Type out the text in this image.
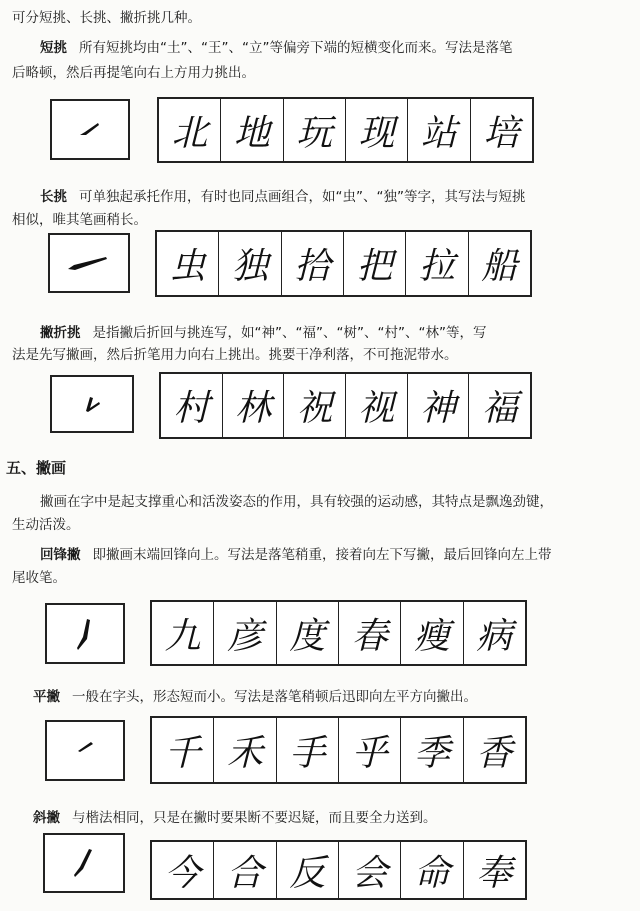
可分短挑、长挑、撇折挑几种。
短挑 所有短挑均由“土”、“王”、“立”等偏旁下端的短横变化而来。写法是落笔
后略顿，然后再提笔向右上方用力挑出。
北 地 玩 现 站 培
长挑 可单独起承托作用，有时也同点画组合，如“虫”、“独”等字，其写法与短挑
相似，唯其笔画稍长。
虫 独 拾 把 拉 船
撇折挑 是指撇后折回与挑连写，如“神”、“福”、“树”、“村”、“林”等，写
法是先写撇画，然后折笔用力向右上挑出。挑要干净利落，不可拖泥带水。
村 林 祝 视 神 福
五、撇画
撇画在字中是起支撑重心和活泼姿态的作用，具有较强的运动感，其特点是飘逸劲键，
生动活泼。
回锋撇 即撇画末端回锋向上。写法是落笔稍重，接着向左下写撇，最后回锋向左上带
尾收笔。
九 彦 度 春 瘦 病
平撇 一般在字头，形态短而小。写法是落笔稍顿后迅即向左平方向撇出。
千 禾 手 乎 季 香
斜撇 与楷法相同，只是在撇时要果断不要迟疑，而且要全力送到。
今 合 反 会 命 奉
